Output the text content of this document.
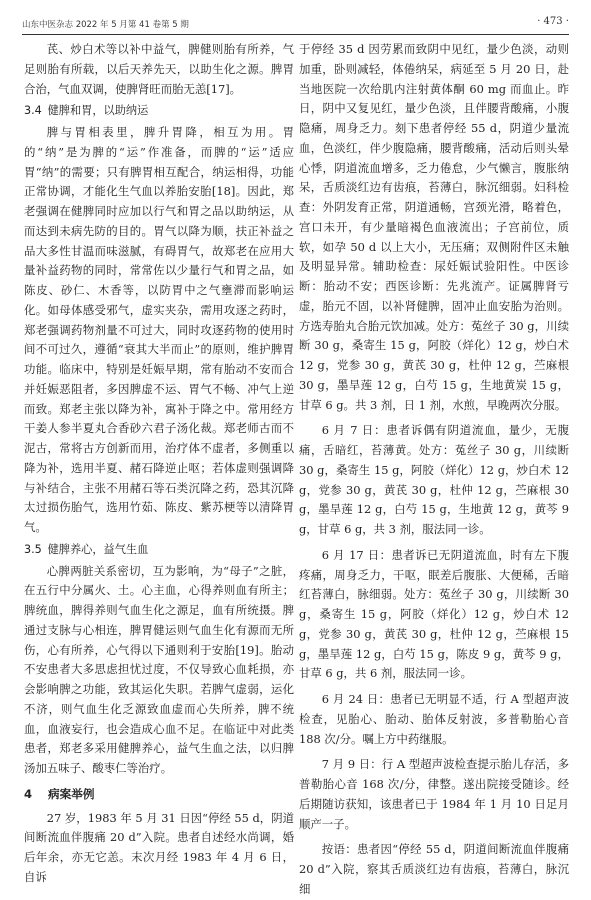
山东中医杂志 2022 年 5 月第 41 卷第 5 期	· 473 ·

芪、炒白术等以补中益气，脾健则胎有所养，气足则胎有所载，以后天养先天，以助生化之源。脾胃合治，气血双调，使脾肾旺而胎无恙[17]。

3.4 健脾和胃，以助纳运

脾与胃相表里，脾升胃降，相互为用。胃的“纳”是为脾的“运”作准备，而脾的“运”适应胃“纳”的需要；只有脾胃相互配合，纳运相得，功能正常协调，才能化生气血以养胎安胎[18]。因此，郑老强调在健脾同时应加以行气和胃之品以助纳运，从而达到未病先防的目的。胃气以降为顺，扶正补益之品大多性甘温而味滋腻，有碍胃气，故郑老在应用大量补益药物的同时，常常佐以少量行气和胃之品，如陈皮、砂仁、木香等，以防胃中之气壅滞而影响运化。如母体感受邪气，虚实夹杂，需用攻逐之药时，郑老强调药物剂量不可过大，同时攻逐药物的使用时间不可过久，遵循“衰其大半而止”的原则，维护脾胃功能。临床中，特别是妊娠早期，常有胎动不安而合并妊娠恶阻者，多因脾虚不运、胃气不畅、冲气上逆而致。郑老主张以降为补，寓补于降之中。常用经方干姜人参半夏丸合香砂六君子汤化裁。郑老师古而不泥古，常将古方创新而用，治疗体不虚者，多侧重以降为补，选用半夏、赭石降逆止呕；若体虚则强调降与补结合，主张不用赭石等石类沉降之药，恐其沉降太过损伤胎气，选用竹茹、陈皮、紫苏梗等以清降胃气。

3.5 健脾养心，益气生血

心脾两脏关系密切，互为影响，为“母子”之脏，在五行中分属火、土。心主血，心得养则血有所主；脾统血，脾得养则气血生化之源足，血有所统摄。脾通过支脉与心相连，脾胃健运则气血生化有源而无所伤，心有所养，心气得以下通则利于安胎[19]。胎动不安患者大多思虑担忧过度，不仅导致心血耗损，亦会影响脾之功能，致其运化失职。若脾气虚弱，运化不济，则气血生化乏源致血虚而心失所养，脾不统血，血液妄行，也会造成心血不足。在临证中对此类患者，郑老多采用健脾养心，益气生血之法，以归脾汤加五味子、酸枣仁等治疗。

4 病案举例

27 岁，1983 年 5 月 31 日因“停经 55 d，阴道间断流血伴腹痛 20 d”入院。患者自述经水尚调，婚后年余，亦无它恙。末次月经 1983 年 4 月 6 日，自诉

于停经 35 d 因劳累而致阴中见红，量少色淡，动则加重，卧则减轻，体倦纳呆，病延至 5 月 20 日，赴当地医院一次给肌内注射黄体酮 60 mg 而血止。昨日，阴中又复见红，量少色淡，且伴腰背酸痛，小腹隐痛，周身乏力。刻下患者停经 55 d，阴道少量流血，色淡红，伴少腹隐痛，腰背酸痛，活动后则头晕心悸，阴道流血增多，乏力倦怠，少气懒言，腹胀纳呆，舌质淡红边有齿痕，苔薄白，脉沉细弱。妇科检查：外阴发育正常，阴道通畅，宫颈光滑，略着色，宫口未开，有少量暗褐色血液流出；子宫前位，质软，如孕 50 d 以上大小，无压痛；双侧附件区未触及明显异常。辅助检查：尿妊娠试验阳性。中医诊断：胎动不安；西医诊断：先兆流产。证属脾肾亏虚，胎元不固，以补肾健脾，固冲止血安胎为治则。方选寿胎丸合胎元饮加减。处方：菟丝子 30 g，川续断 30 g，桑寄生 15 g，阿胶（烊化）12 g，炒白术 12 g，党参 30 g，黄芪 30 g，杜仲 12 g，苎麻根 30 g，墨旱莲 12 g，白芍 15 g，生地黄炭 15 g，甘草 6 g。共 3 剂，日 1 剂，水煎，早晚两次分服。

6 月 7 日：患者诉偶有阴道流血，量少，无腹痛，舌暗红，苔薄黄。处方：菟丝子 30 g，川续断 30 g，桑寄生 15 g，阿胶（烊化）12 g，炒白术 12 g，党参 30 g，黄芪 30 g，杜仲 12 g，苎麻根 30 g，墨旱莲 12 g，白芍 15 g，生地黄 12 g，黄芩 9 g，甘草 6 g，共 3 剂，服法同一诊。

6 月 17 日：患者诉已无阴道流血，时有左下腹疼痛，周身乏力，干呕，眠差后腹胀、大便稀，舌暗红苔薄白，脉细弱。处方：菟丝子 30 g，川续断 30 g，桑寄生 15 g，阿胶（烊化）12 g，炒白术 12 g，党参 30 g，黄芪 30 g，杜仲 12 g，苎麻根 15 g，墨旱莲 12 g，白芍 15 g，陈皮 9 g，黄芩 9 g，甘草 6 g，共 6 剂，服法同一诊。

6 月 24 日：患者已无明显不适，行 A 型超声波检查，见胎心、胎动、胎体反射波，多普勒胎心音 188 次/分。嘱上方中药继服。

7 月 9 日：行 A 型超声波检查提示胎儿存活，多普勒胎心音 168 次/分，律整。遂出院接受随诊。经后期随访获知，该患者已于 1984 年 1 月 10 日足月顺产一子。

按语：患者因“停经 55 d，阴道间断流血伴腹痛 20 d”入院，察其舌质淡红边有齿痕，苔薄白，脉沉细
